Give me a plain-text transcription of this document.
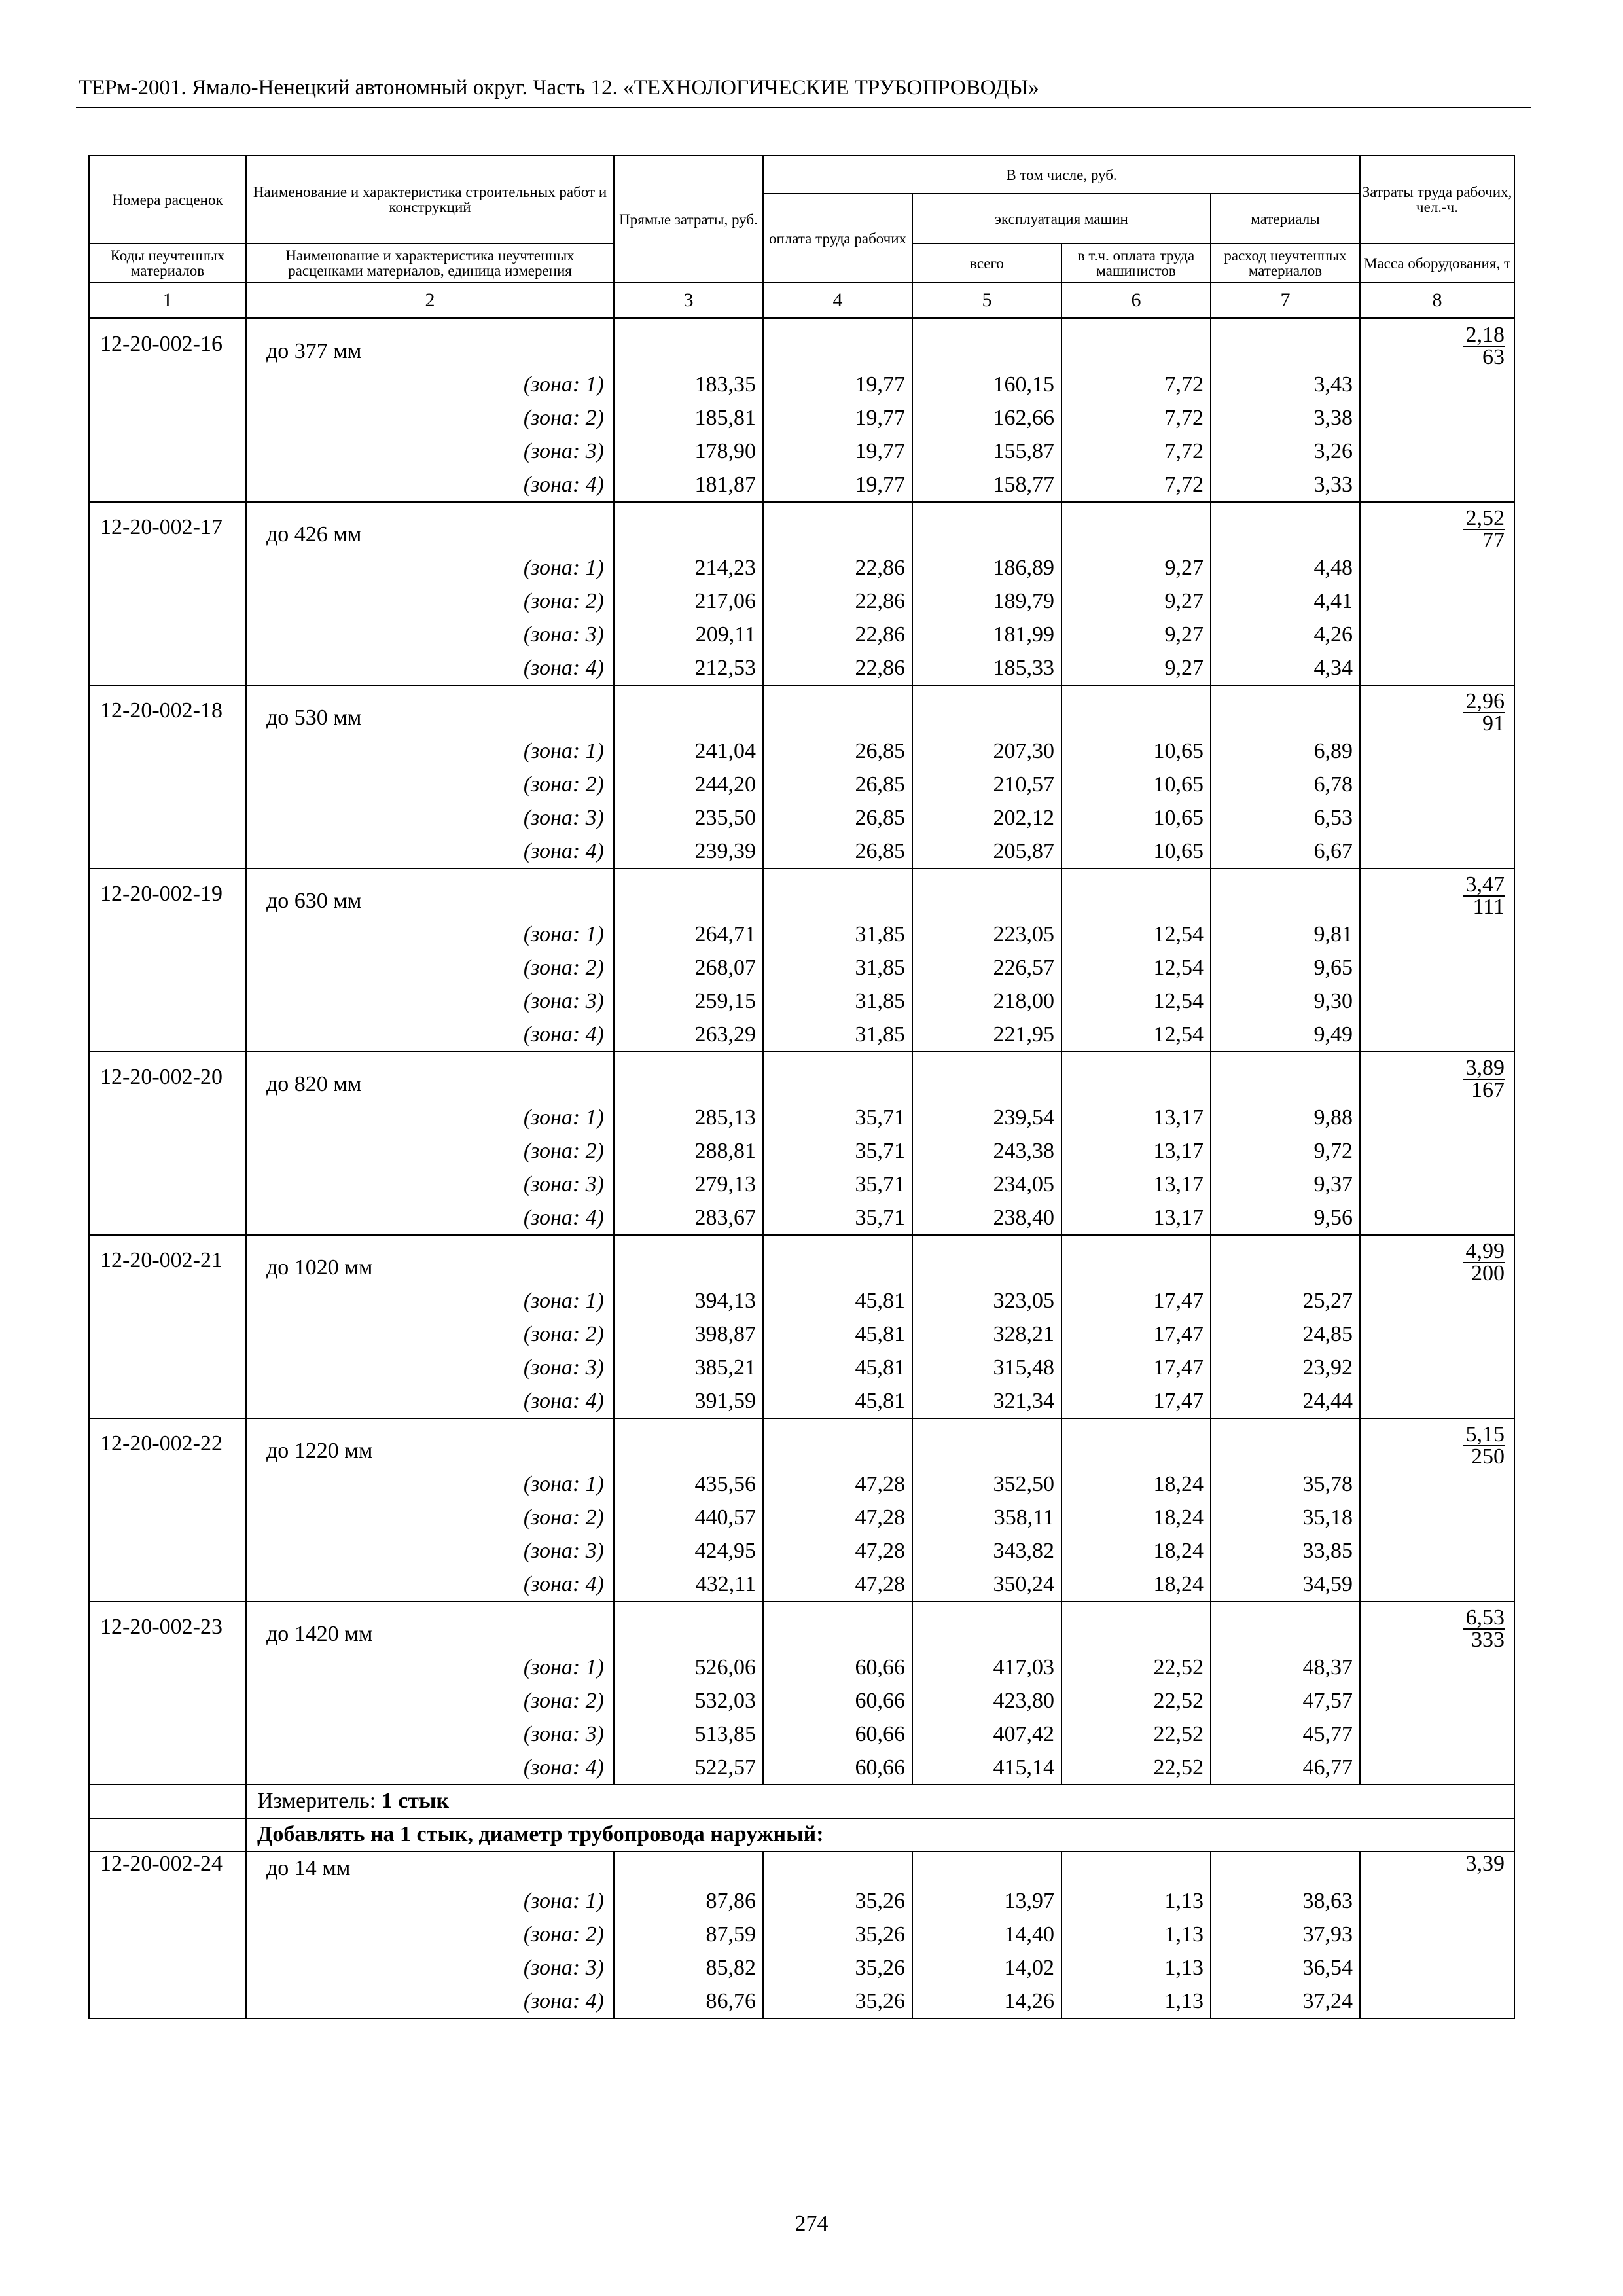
ТЕРм-2001. Ямало-Ненецкий автономный округ. Часть 12. «ТЕХНОЛОГИЧЕСКИЕ ТРУБОПРОВОДЫ»
Номера расценок	Наименование и характеристика строительных работ и конструкций	Прямые затраты, руб.	В том числе, руб.				Затраты труда рабочих, чел.-ч.
			оплата труда рабочих	эксплуатация машин		материалы	
Коды неучтенных материалов	Наименование и характеристика неучтенных расценками материалов, единица измерения			всего	в т.ч. оплата труда машинистов	расход неучтенных материалов	Масса оборудования, т

1	2	3	4	5	6	7	8
12-20-002-16	до 377 мм						$\frac{2,18}{63}$

	(зона: 1)	183,35	19,77	160,15	7,72	3,43	
	(зона: 2)	185,81	19,77	162,66	7,72	3,38	
	(зона: 3)	178,90	19,77	155,87	7,72	3,26	
	(зона: 4)	181,87	19,77	158,77	7,72	3,33	
12-20-002-17	до 426 мм						$\frac{2,52}{77}$

	(зона: 1)	214,23	22,86	186,89	9,27	4,48	
	(зона: 2)	217,06	22,86	189,79	9,27	4,41	
	(зона: 3)	209,11	22,86	181,99	9,27	4,26	
	(зона: 4)	212,53	22,86	185,33	9,27	4,34	
12-20-002-18	до 530 мм						$\frac{2,96}{91}$

	(зона: 1)	241,04	26,85	207,30	10,65	6,89	
	(зона: 2)	244,20	26,85	210,57	10,65	6,78	
	(зона: 3)	235,50	26,85	202,12	10,65	6,53	
	(зона: 4)	239,39	26,85	205,87	10,65	6,67	
12-20-002-19	до 630 мм						$\frac{3,47}{111}$

	(зона: 1)	264,71	31,85	223,05	12,54	9,81	
	(зона: 2)	268,07	31,85	226,57	12,54	9,65	
	(зона: 3)	259,15	31,85	218,00	12,54	9,30	
	(зона: 4)	263,29	31,85	221,95	12,54	9,49	
12-20-002-20	до 820 мм						$\frac{3,89}{167}$

	(зона: 1)	285,13	35,71	239,54	13,17	9,88	
	(зона: 2)	288,81	35,71	243,38	13,17	9,72	
	(зона: 3)	279,13	35,71	234,05	13,17	9,37	
	(зона: 4)	283,67	35,71	238,40	13,17	9,56	
12-20-002-21	до 1020 мм						$\frac{4,99}{200}$

	(зона: 1)	394,13	45,81	323,05	17,47	25,27	
	(зона: 2)	398,87	45,81	328,21	17,47	24,85	
	(зона: 3)	385,21	45,81	315,48	17,47	23,92	
	(зона: 4)	391,59	45,81	321,34	17,47	24,44	
12-20-002-22	до 1220 мм						$\frac{5,15}{250}$

	(зона: 1)	435,56	47,28	352,50	18,24	35,78	
	(зона: 2)	440,57	47,28	358,11	18,24	35,18	
	(зона: 3)	424,95	47,28	343,82	18,24	33,85	
	(зона: 4)	432,11	47,28	350,24	18,24	34,59	
12-20-002-23	до 1420 мм						$\frac{6,53}{333}$

	(зона: 1)	526,06	60,66	417,03	22,52	48,37	
	(зона: 2)	532,03	60,66	423,80	22,52	47,57	
	(зона: 3)	513,85	60,66	407,42	22,52	45,77	
	(зона: 4)	522,57	60,66	415,14	22,52	46,77	
	Измеритель: 1 стык						
	Добавлять на 1 стык, диаметр трубопровода наружный:						
12-20-002-24	до 14 мм						3,39
	(зона: 1)	87,86	35,26	13,97	1,13	38,63	
	(зона: 2)	87,59	35,26	14,40	1,13	37,93	
	(зона: 3)	85,82	35,26	14,02	1,13	36,54	
	(зона: 4)	86,76	35,26	14,26	1,13	37,24	
274
